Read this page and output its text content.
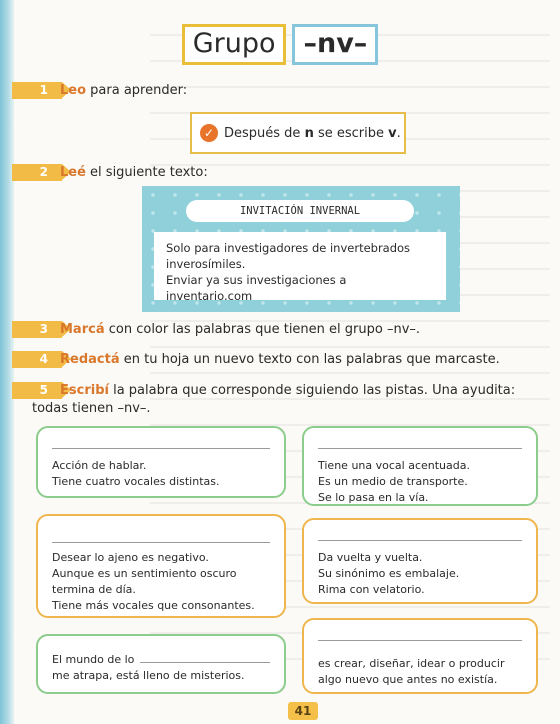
Grupo –nv–
1 Leo para aprender:
✓ Después de n se escribe v.
2 Leé el siguiente texto:
INVITACIÓN INVERNAL
Solo para investigadores de invertebrados
inverosímiles.
Enviar ya sus investigaciones a inventario.com
3 Marcá con color las palabras que tienen el grupo –nv–.
4 Redactá en tu hoja un nuevo texto con las palabras que marcaste.
5 Escribí la palabra que corresponde siguiendo las pistas. Una ayudita:
todas tienen –nv–.
Acción de hablar.
Tiene cuatro vocales distintas.
Tiene una vocal acentuada.
Es un medio de transporte.
Se lo pasa en la vía.
Desear lo ajeno es negativo.
Aunque es un sentimiento oscuro
termina de día.
Tiene más vocales que consonantes.
Da vuelta y vuelta.
Su sinónimo es embalaje.
Rima con velatorio.
El mundo de lo
me atrapa, está lleno de misterios.
es crear, diseñar, idear o producir
algo nuevo que antes no existía.
41
